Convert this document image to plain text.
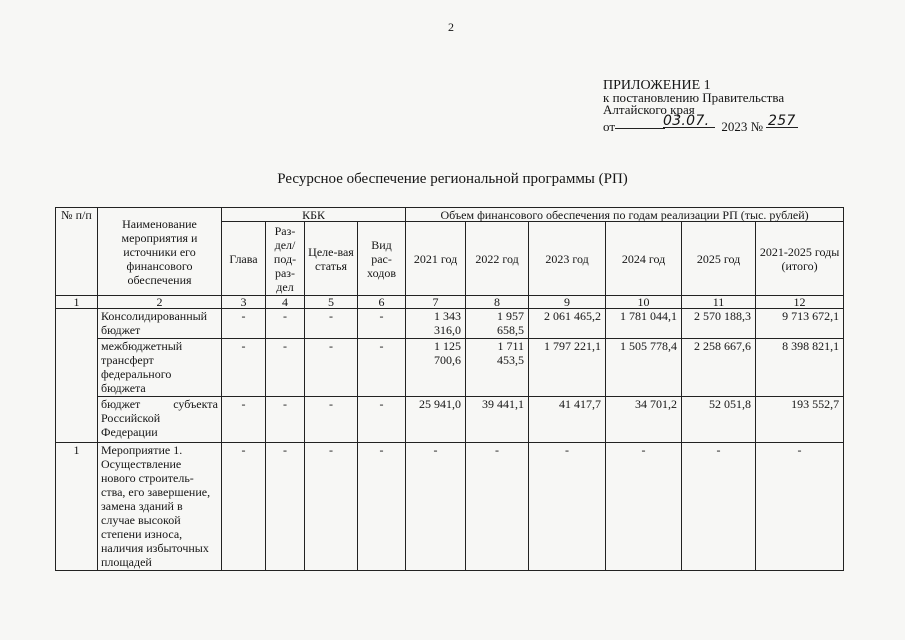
2
ПРИЛОЖЕНИЕ 1
к постановлению Правительства
Алтайского края
от	03.07. 2023 № 257
Ресурсное обеспечение региональной программы (РП)
№ п/п	Наименование мероприятия и источники его финансового обеспечения	КБК				Объем финансового обеспечения по годам реализации РП (тыс. рублей)					
		Глава	Раз-дел/ под-раз-дел	Целе-вая статья	Вид рас-ходов	2021 год	2022 год	2023 год	2024 год	2025 год	2021-2025 годы (итого)
1	2	3	4	5	6	7	8	9	10	11	12
	Консолидированный бюджет	-	-	-	-	1 343 316,0	1 957 658,5	2 061 465,2	1 781 044,1	2 570 188,3	9 713 672,1
	межбюджетный трансферт федерального бюджета	-	-	-	-	1 125 700,6	1 711 453,5	1 797 221,1	1 505 778,4	2 258 667,6	8 398 821,1
	бюджет субъекта Российской Федерации	-	-	-	-	25 941,0	39 441,1	41 417,7	34 701,2	52 051,8	193 552,7
1	Мероприятие 1. Осуществление нового строитель-ства, его завершение, замена зданий в случае высокой степени износа, наличия избыточных площадей	-	-	-	-	-	-	-	-	-	-
